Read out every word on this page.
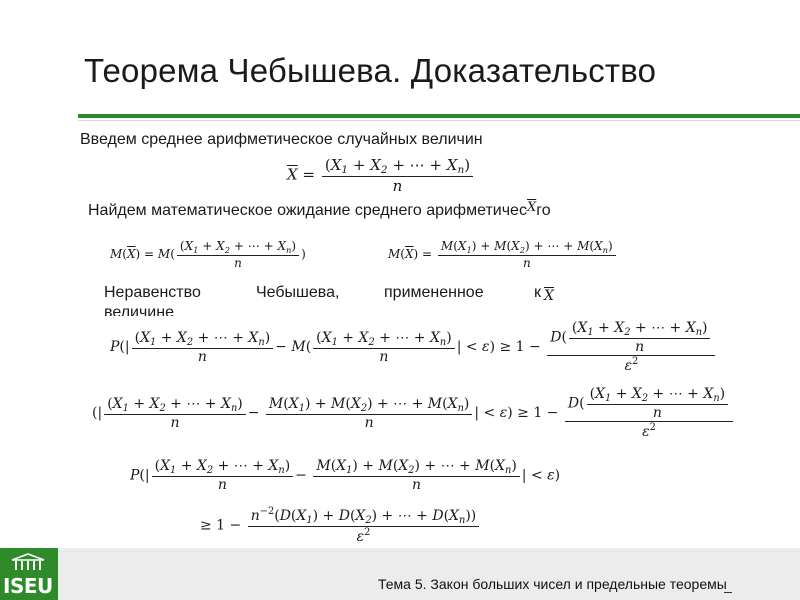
Теорема Чебышева. Доказательство
Введем среднее арифметическое случайных величин
$\overline{X} = \frac{(X_1 + X_2 + \cdots + X_n)}{n}$
Найдем математическое ожидание среднего арифметичес$^{\overline{X}}$го
$M(\overline{X}) = M( \frac{(X_1 + X_2 + \cdots + X_n)}{n}$ )	$M(\overline{X}) = \frac{M(X_1) + M(X_2) + \cdots + M(X_n)}{n}$
Неравенство	Чебышева,	примененное	к
величине
$\overline{X}$
$P(| \frac{(X_1 + X_2 + \cdots + X_n)}{n} - M( \frac{(X_1 + X_2 + \cdots + X_n)}{n}$ | < $\varepsilon) \ge 1 - \frac{D( \frac{(X_1 + X_2 + \cdots + X_n)}{n}}{\varepsilon^2}$
(| $\frac{(X_1 + X_2 + \cdots + X_n)}{n} - \frac{M(X_1) + M(X_2) + \cdots + M(X_n)}{n}$ | < $\varepsilon) \ge 1 - \frac{D( \frac{(X_1 + X_2 + \cdots + X_n)}{n}}{\varepsilon^2}$
$P(| \frac{(X_1 + X_2 + \cdots + X_n)}{n} - \frac{M(X_1) + M(X_2) + \cdots + M(X_n)}{n}$ | < ε)
≥ $1 - \frac{n^{-2}(D(X_1) + D(X_2) + \cdots + D(X_n))}{\varepsilon^2}$
ISEU	Тема 5. Закон больших чисел и предельные теоремы
